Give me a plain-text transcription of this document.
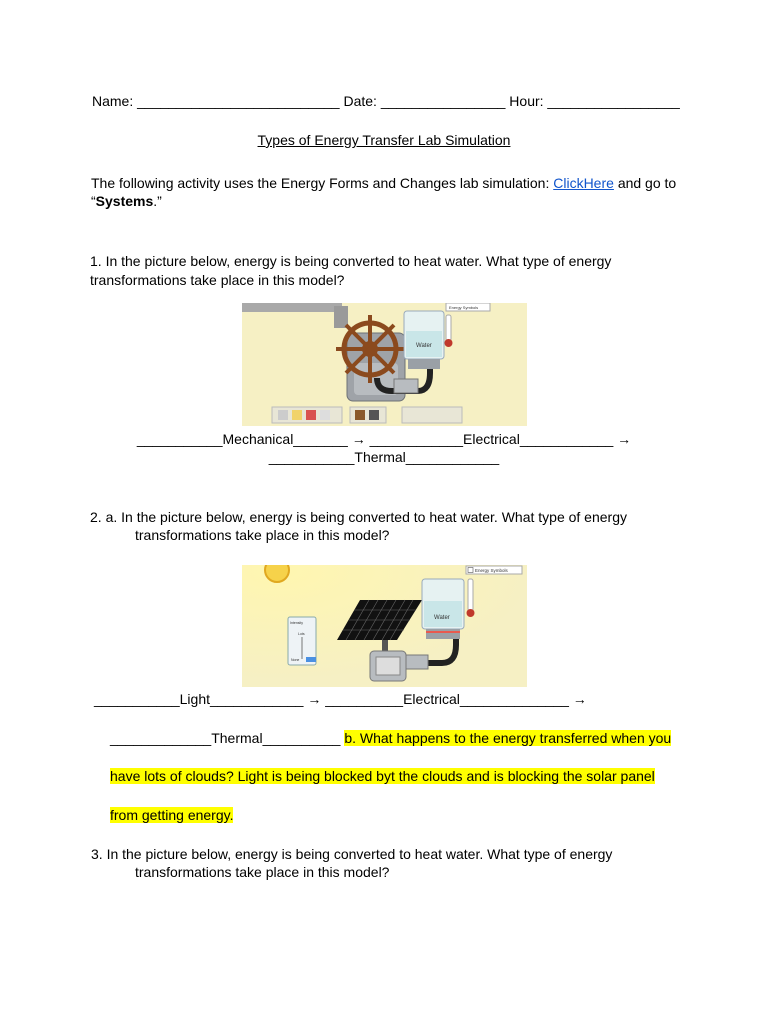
Name: __________________________ Date: ________________ Hour: _________________
Types of Energy Transfer Lab Simulation
The following activity uses the Energy Forms and Changes lab simulation: ClickHere and go to
“Systems.”
1. In the picture below, energy is being converted to heat water. What type of energy
transformations take place in this model?
Water
Energy Symbols
___________Mechanical_______ → ____________Electrical____________ →
___________Thermal____________
2. a. In the picture below, energy is being converted to heat water. What type of energy
transformations take place in this model?
Intensity
Lots
None
Water
Energy Symbols
___________Light____________ → __________Electrical______________ →
_____________Thermal__________ b. What happens to the energy transferred when you
have lots of clouds? Light is being blocked byt the clouds and is blocking the solar panel
from getting energy.
3. In the picture below, energy is being converted to heat water. What type of energy
transformations take place in this model?
